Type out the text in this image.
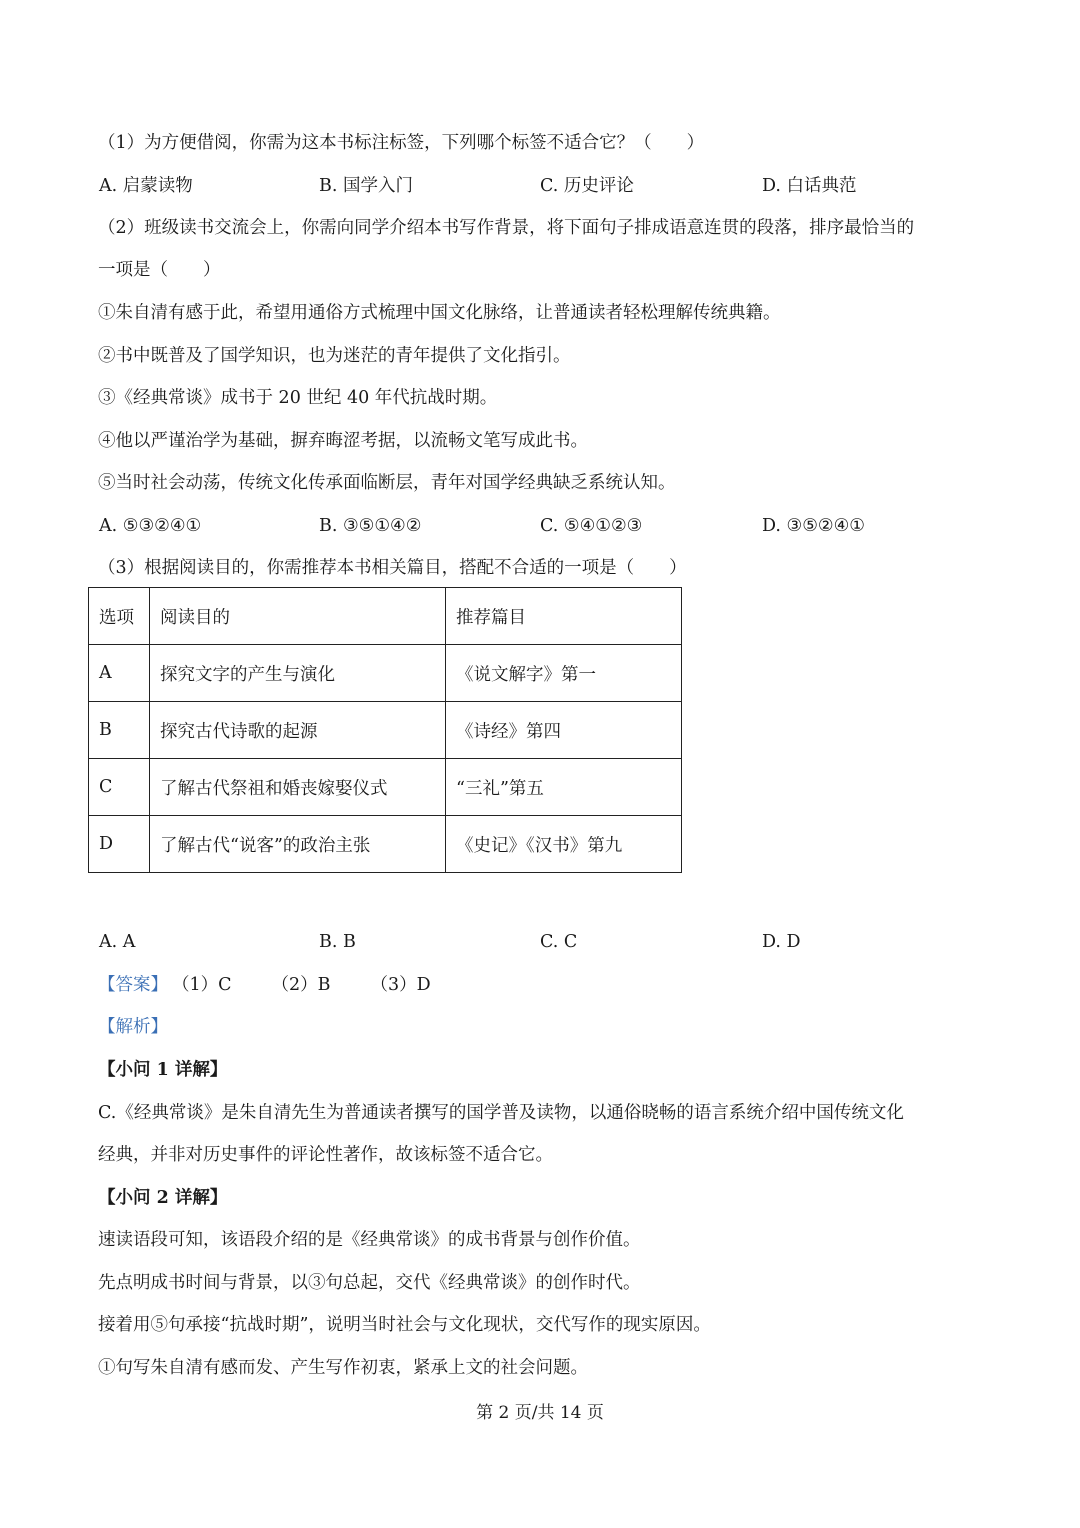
（1）为方便借阅，你需为这本书标注标签，下列哪个标签不适合它？（　　）
A. 启蒙读物	B. 国学入门	C. 历史评论	D. 白话典范
（2）班级读书交流会上，你需向同学介绍本书写作背景，将下面句子排成语意连贯的段落，排序最恰当的
一项是（　　）
①朱自清有感于此，希望用通俗方式梳理中国文化脉络，让普通读者轻松理解传统典籍。
②书中既普及了国学知识，也为迷茫的青年提供了文化指引。
③《经典常谈》成书于 20 世纪 40 年代抗战时期。
④他以严谨治学为基础，摒弃晦涩考据，以流畅文笔写成此书。
⑤当时社会动荡，传统文化传承面临断层，青年对国学经典缺乏系统认知。
A. ⑤③②④①	B. ③⑤①④②	C. ⑤④①②③	D. ③⑤②④①
（3）根据阅读目的，你需推荐本书相关篇目，搭配不合适的一项是（　　）
选项	阅读目的	推荐篇目
A	探究文字的产生与演化	《说文解字》第一
B	探究古代诗歌的起源	《诗经》第四
C	了解古代祭祖和婚丧嫁娶仪式	“三礼”第五
D	了解古代“说客”的政治主张	《史记》《汉书》第九
A. A	B. B	C. C	D. D
【答案】 （1）C （2）B （3）D
【解析】
【小问 1 详解】
C.《经典常谈》是朱自清先生为普通读者撰写的国学普及读物，以通俗晓畅的语言系统介绍中国传统文化
经典，并非对历史事件的评论性著作，故该标签不适合它。
【小问 2 详解】
速读语段可知，该语段介绍的是《经典常谈》的成书背景与创作价值。
先点明成书时间与背景，以③句总起，交代《经典常谈》的创作时代。
接着用⑤句承接“抗战时期”，说明当时社会与文化现状，交代写作的现实原因。
①句写朱自清有感而发、产生写作初衷，紧承上文的社会问题。
第 2 页/共 14 页
